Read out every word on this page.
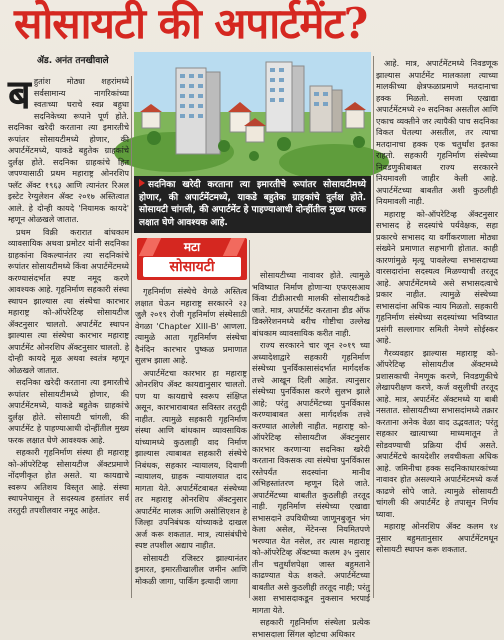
सोसायटी की अपार्टमेंट?
ॲड. अनंत तनखीवाले

सदनिका खरेदी करताना त्या इमारतीचे रूपांतर सोसायटीमध्ये होणार, की अपार्टमेंटमध्ये, याकडे बहुतेक ग्राहकांचे दुर्लक्ष होते. सोसायटी चांगली, की अपार्टमेंट हे पाहण्याआधी दोन्हींतील मुख्य फरक लक्षात घेणे आवश्यक आहे.

मटा
सोसायटी
ब हुतांश मोठ्या शहरांमध्ये सर्वसामान्य नागरिकांच्या स्वतःच्या घराचे स्वप्न बहुधा सदनिकेच्या रूपाने पूर्ण होते. सदनिका खरेदी करताना त्या इमारतीचे रूपांतर सोसायटीमध्ये होणार, की अपार्टमेंटमध्ये, याकडे बहुतेक ग्राहकांचे दुर्लक्ष होते. सदनिका ग्राहकांचे हित जपण्यासाठी प्रथम महाराष्ट्र ओनरशिप फ्लॅट ॲक्ट १९६३ आणि त्यानंतर रिअल इस्टेट रेग्युलेशन ॲक्ट २०१७ अस्तित्वात आले. हे दोन्ही कायदे 'नियामक कायदे' म्हणून ओळखले जातात.

प्रथम विक्री करारात बांधकाम व्यावसायिक अथवा प्रमोटर यांनी सदनिका ग्राहकांना विकल्यानंतर त्या सदनिकांचे रूपांतर सोसायटीमध्ये किंवा अपार्टमेंटमध्ये करण्यासंदर्भात स्पष्ट नमूद करणे आवश्यक आहे. गृहनिर्माण सहकारी संस्था स्थापन झाल्यास त्या संस्थेचा कारभार महाराष्ट्र को-ऑपरेटिव्ह सोसायटीज ॲक्टनुसार चालतो. अपार्टमेंट स्थापन झाल्यास त्या संस्थेचा कारभार महाराष्ट्र अपार्टमेंट ओनरशिप ॲक्टनुसार चालतो. हे दोन्ही कायदे मूळ अथवा स्वतंत्र म्हणून ओळखले जातात.

सदनिका खरेदी करताना त्या इमारतीचे रूपांतर सोसायटीमध्ये होणार, की अपार्टमेंटमध्ये, याकडे बहुतेक ग्राहकांचे दुर्लक्ष होते. सोसायटी चांगली, की अपार्टमेंट हे पाहण्याआधी दोन्हींतील मुख्य फरक लक्षात घेणे आवश्यक आहे.

सहकारी गृहनिर्माण संस्था ही महाराष्ट्र को-ऑपरेटिव्ह सोसायटीज ॲक्टप्रमाणे नोंदणीकृत होत असते. या कायद्याचे स्वरूप अतिशय विस्तृत आहे. संस्था स्थापनेपासून ते सदस्यत्व हस्तांतर सर्व तरतुदी तपशीलवार नमूद आहेत.

गृहनिर्माण संस्थेचे वेगळे अस्तित्व लक्षात घेऊन महाराष्ट्र सरकारने २३ जुलै २०१९ रोजी गृहनिर्माण संस्थेसाठी वेगळा 'Chapter XIII-B' आणला. त्यामुळे आता गृहनिर्माण संस्थेचा दैनंदिन कारभार पुष्कळ प्रमाणात सुलभ झाला आहे.

अपार्टमेंटचा कारभार हा महाराष्ट्र ओनरशिप ॲक्ट कायद्यानुसार चालतो. पण या कायद्याचे स्वरूप संक्षिप्त असून, कारभाराबाबत सविस्तर तरतुदी नाहीत. त्यामुळे सहकारी गृहनिर्माण संस्था आणि बांधकाम व्यावसायिक यांच्यामध्ये कुठलाही वाद निर्माण झाल्यास त्याबाबत सहकारी संस्थेचे निबंधक, सहकार न्यायालय, दिवाणी न्यायालय, ग्राहक न्यायालयात दाद मागता येते. अपार्टमेंटबाबत संस्थेच्या तर महाराष्ट्र ओनरशिप ॲक्टनुसार अपार्टमेंट मालक आणि असोसिएशन हे जिल्हा उपनिबंधक यांच्याकडे दाखल अर्ज करू शकतात. मात्र, त्यासंबंधीचे स्पष्ट तपशील अद्याप नाहीत.

सोसायटी रजिस्टर झाल्यानंतर इमारत, इमारतीखालील जमीन आणि मोकळी जागा, पार्किंग इत्यादी जागा

सोसायटीच्या नावावर होते. त्यामुळे भविष्यात निर्माण होणाऱ्या एफएसआय किंवा टीडीआरची मालकी सोसायटीकडे जाते. मात्र, अपार्टमेंट करताना डीड ऑफ डिक्लेरेशनमध्ये बरीच गोष्टीचा उल्लेख बांधकाम व्यावसायिक करीत नाही.

राज्य सरकारने चार जून २०१९ च्या अध्यादेशाद्वारे सहकारी गृहनिर्माण संस्थेच्या पुनर्विकासासंदर्भात मार्गदर्शक तत्त्वे आखून दिली आहेत. त्यानुसार संस्थेच्या पुनर्विकास करणे सुलभ झाले आहे; परंतु अपार्टमेंटच्या पुनर्विकास करण्याबाबत असा मार्गदर्शक तत्त्वे करण्यात आलेली नाहीत. महाराष्ट्र को-ऑपरेटिव्ह सोसायटीज ॲक्टनुसार कारभार करणाऱ्या सदनिका खरेदी करताना विकसक त्या संस्थेचा पुनर्विकास रस्तेपर्यंत सदस्यांना मानीव अभिहस्तांतरण म्हणून दिले जाते. अपार्टमेंटच्या बाबतीत कुठलीही तरतूद नाही. गृहनिर्माण संस्थेच्या एखाद्या सभासदाने उपविधीच्या जाणूनबुजून भंग केला असेल, मेंटेनन्स नियमितपणे भरण्यात येत नसेल, तर त्यास महाराष्ट्र को-ऑपरेटिव्ह ॲक्टच्या कलम ३५ नुसार तीन चतुर्थांशपेक्षा जास्त बहुमताने काढण्यात येऊ शकते. अपार्टमेंटच्या बाबतीत असे कुठलीही तरतूद नाही; परंतु अशा सभासदाकडून नुकसान भरपाई मागता येते.

सहकारी गृहनिर्माण संस्थेला प्रत्येक सभासदाला सिंगल व्होटचा अधिकार

आहे. मात्र, अपार्टमेंटमध्ये निवडणूक झाल्यास अपार्टमेंट मालकाला त्याच्या मालकीच्या क्षेत्रफळाप्रमाणे मतदानाचा हक्क मिळतो. समजा एखाद्या अपार्टमेंटमध्ये २० सदनिका असतील आणि एकाच व्यक्तीने जर त्यापैकी पाच सदनिका विकत घेतल्या असतील, तर त्याचा मतदानाचा हक्क एक चतुर्थांश इतका राहतो. सहकारी गृहनिर्माण संस्थेच्या निवडणुकीबाबत राज्य सरकारने नियमावली जाहीर केली आहे. अपार्टमेंटच्या बाबतीत अशी कुठलीही नियमावली नाही.

महाराष्ट्र को-ऑपरेटिव्ह ॲक्टनुसार सभासद हे सदस्यांचे पर्यवेक्षक, सहा प्रकारचे सभासद या वर्गीकरणाला मोठ्या संख्येने प्रमाणात सहभागी होतात. काही कारणांमुळे मृत्यू पावलेल्या सभासदाच्या वारसदारांना सदस्यत्व मिळण्याची तरतूद आहे. अपार्टमेंटमध्ये असे सभासदत्वाचे प्रकार नाहीत. त्यामुळे संस्थेच्या सभासदांना अधिक न्याय मिळतो. सहकारी गृहनिर्माण संस्थेच्या सदस्यांच्या भविष्यात प्रसंगी सल्लागार समिती नेमणे सोईस्कर आहे.

गैरव्यवहार झाल्यास महाराष्ट्र को-ऑपरेटिव्ह सोसायटीज ॲक्टमध्ये प्रशासकाची नेमणूक करणे, निवडणुकीचे लेखापरीक्षण करणे, कर्ज वसुलीची तरतूद आहे. मात्र, अपार्टमेंट ॲक्टमध्ये या बाबी नसतात. सोसायटीच्या सभासदांमध्ये तक्रार करताना अनेक वेळा वाद उद्भवतात; परंतु सहकार खात्याच्या माध्यमातून ते सोडवण्याची प्रक्रिया दीर्घ असते. अपार्टमेंटचे कायदेशीर लवचीकता अधिक आहे. जमिनीचा हक्क सदनिकाधारकांच्या नावावर होत असल्याने अपार्टमेंटमध्ये कर्ज काढणे सोपे जाते. त्यामुळे सोसायटी चांगली की अपार्टमेंट हे तपासून निर्णय घ्यावा.

महाराष्ट्र ओनरशिप ॲक्ट कलम १४ नुसार बहुमतानुसार अपार्टमेंटमधून सोसायटी स्थापन करू शकतात.
